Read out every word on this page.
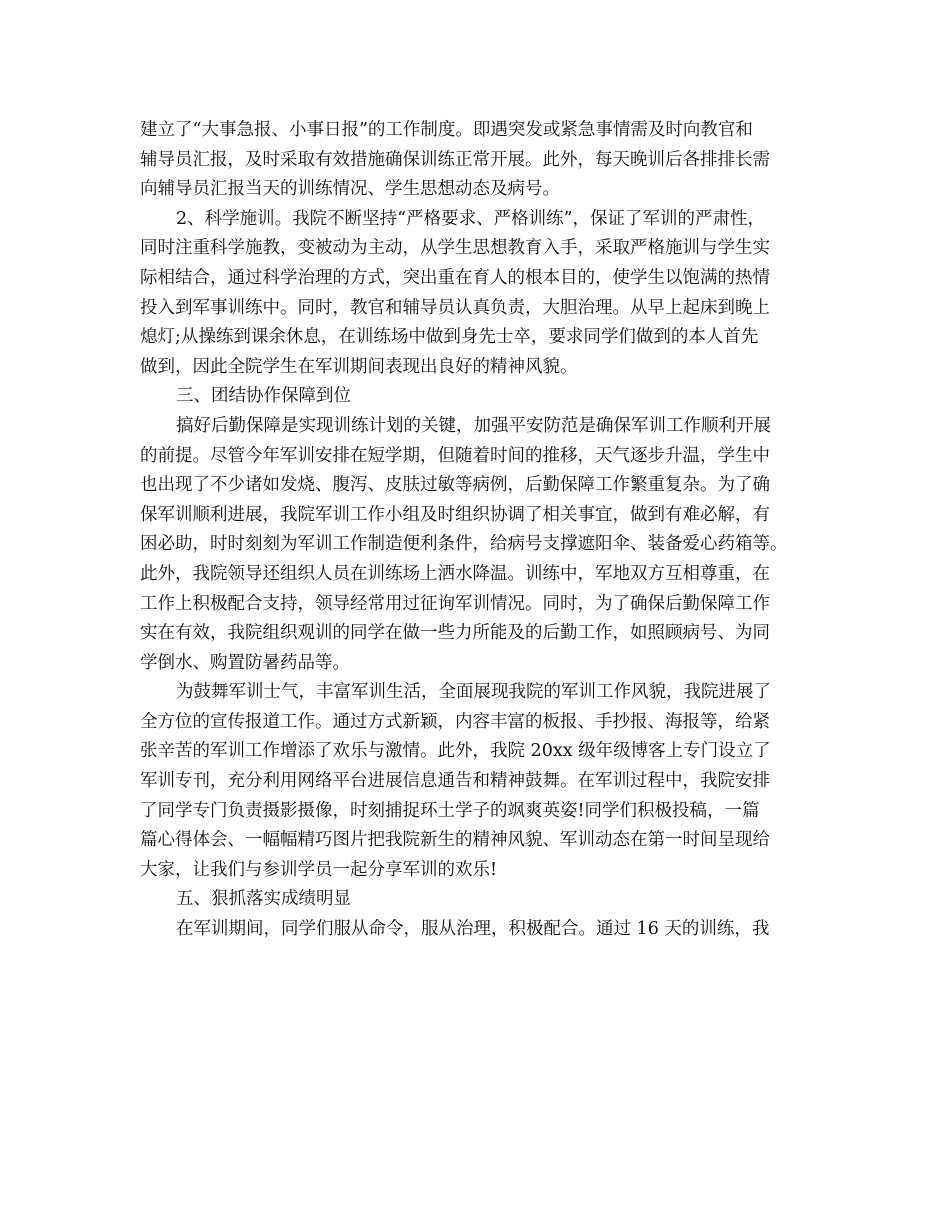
建立了“大事急报、小事日报”的工作制度。即遇突发或紧急事情需及时向教官和
辅导员汇报，及时采取有效措施确保训练正常开展。此外，每天晚训后各排排长需
向辅导员汇报当天的训练情况、学生思想动态及病号。
2、科学施训。我院不断坚持“严格要求、严格训练”，保证了军训的严肃性，
同时注重科学施教，变被动为主动，从学生思想教育入手，采取严格施训与学生实
际相结合，通过科学治理的方式，突出重在育人的根本目的，使学生以饱满的热情
投入到军事训练中。同时，教官和辅导员认真负责，大胆治理。从早上起床到晚上
熄灯;从操练到课余休息，在训练场中做到身先士卒，要求同学们做到的本人首先
做到，因此全院学生在军训期间表现出良好的精神风貌。
三、团结协作保障到位
搞好后勤保障是实现训练计划的关键，加强平安防范是确保军训工作顺利开展
的前提。尽管今年军训安排在短学期，但随着时间的推移，天气逐步升温，学生中
也出现了不少诸如发烧、腹泻、皮肤过敏等病例，后勤保障工作繁重复杂。为了确
保军训顺利进展，我院军训工作小组及时组织协调了相关事宜，做到有难必解，有
困必助，时时刻刻为军训工作制造便利条件，给病号支撑遮阳伞、装备爱心药箱等。
此外，我院领导还组织人员在训练场上洒水降温。训练中，军地双方互相尊重，在
工作上积极配合支持，领导经常用过征询军训情况。同时，为了确保后勤保障工作
实在有效，我院组织观训的同学在做一些力所能及的后勤工作，如照顾病号、为同
学倒水、购置防暑药品等。
为鼓舞军训士气，丰富军训生活，全面展现我院的军训工作风貌，我院进展了
全方位的宣传报道工作。通过方式新颖，内容丰富的板报、手抄报、海报等，给紧
张辛苦的军训工作增添了欢乐与激情。此外，我院 20xx 级年级博客上专门设立了
军训专刊，充分利用网络平台进展信息通告和精神鼓舞。在军训过程中，我院安排
了同学专门负责摄影摄像，时刻捕捉环土学子的飒爽英姿!同学们积极投稿，一篇
篇心得体会、一幅幅精巧图片把我院新生的精神风貌、军训动态在第一时间呈现给
大家，让我们与参训学员一起分享军训的欢乐!
五、狠抓落实成绩明显
在军训期间，同学们服从命令，服从治理，积极配合。通过 16 天的训练，我
